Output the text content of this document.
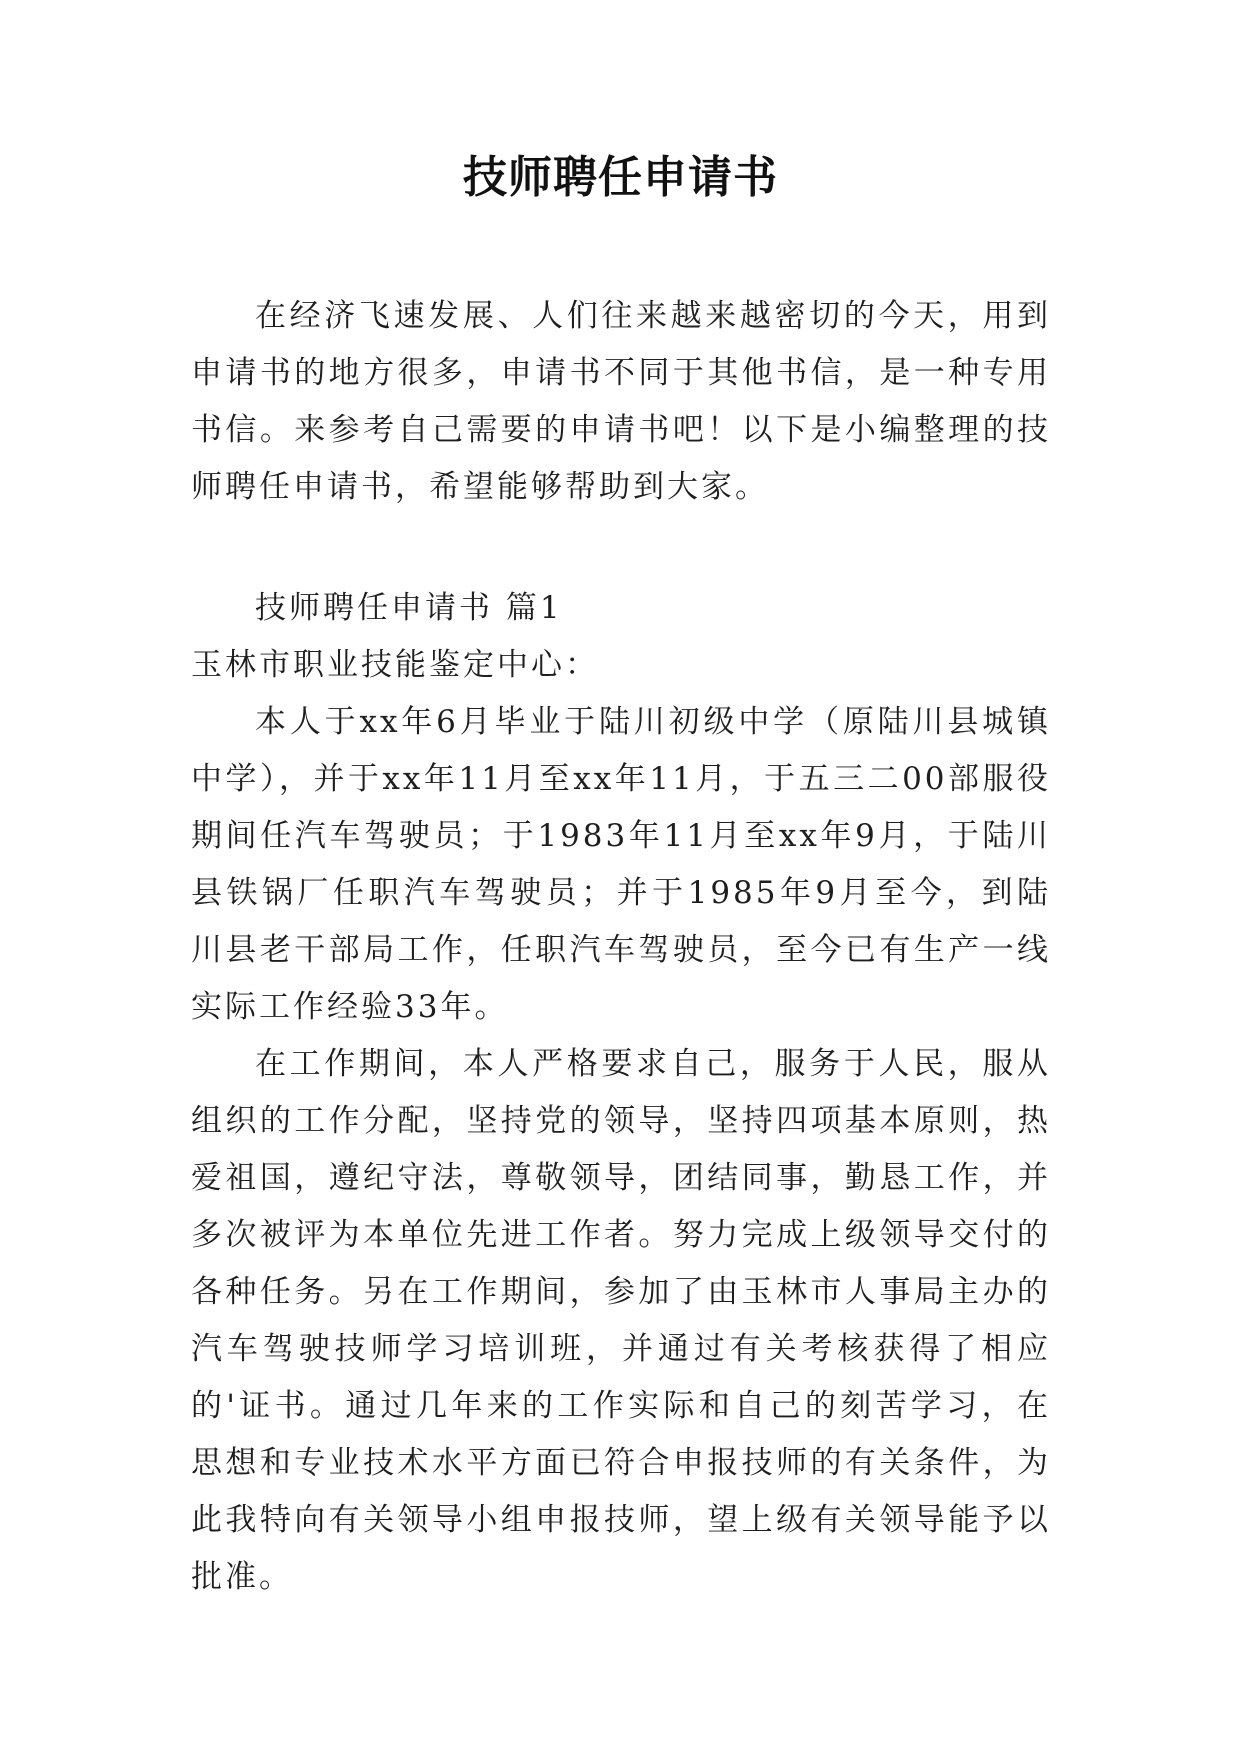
技师聘任申请书

在经济飞速发展、人们往来越来越密切的今天，用到申请书的地方很多，申请书不同于其他书信，是一种专用书信。来参考自己需要的申请书吧！以下是小编整理的技师聘任申请书，希望能够帮助到大家。

技师聘任申请书 篇1

玉林市职业技能鉴定中心：

本人于xx年6月毕业于陆川初级中学（原陆川县城镇中学），并于xx年11月至xx年11月，于五三二00部服役期间任汽车驾驶员；于1983年11月至xx年9月，于陆川县铁锅厂任职汽车驾驶员；并于1985年9月至今，到陆川县老干部局工作，任职汽车驾驶员，至今已有生产一线实际工作经验33年。

在工作期间，本人严格要求自己，服务于人民，服从组织的工作分配，坚持党的领导，坚持四项基本原则，热爱祖国，遵纪守法，尊敬领导，团结同事，勤恳工作，并多次被评为本单位先进工作者。努力完成上级领导交付的各种任务。另在工作期间，参加了由玉林市人事局主办的汽车驾驶技师学习培训班，并通过有关考核获得了相应的'证书。通过几年来的工作实际和自己的刻苦学习，在思想和专业技术水平方面已符合申报技师的有关条件，为此我特向有关领导小组申报技师，望上级有关领导能予以批准。
